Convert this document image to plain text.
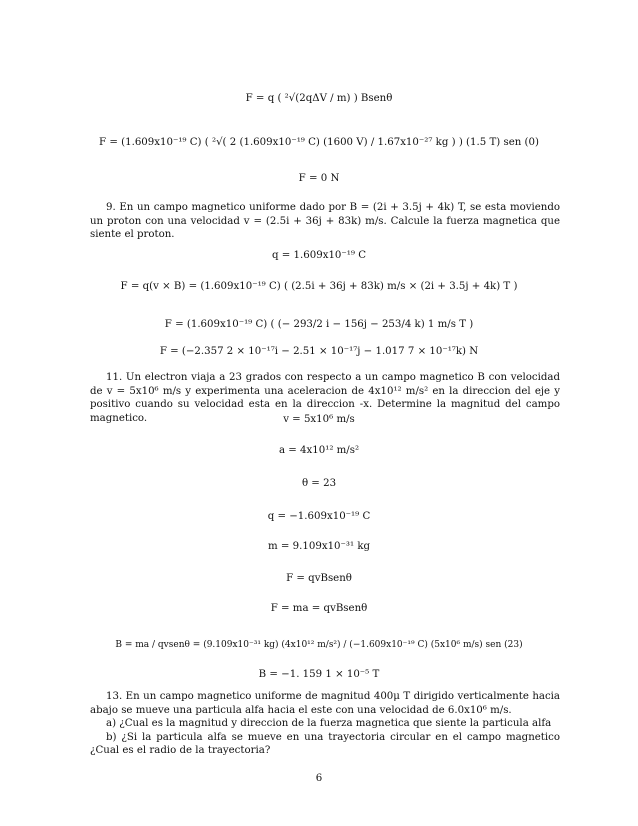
F = q ( ²√(2qΔV / m) ) Bsenθ
F = (1.609x10⁻¹⁹ C) ( ²√( 2 (1.609x10⁻¹⁹ C) (1600 V) / 1.67x10⁻²⁷ kg ) ) (1.5 T) sen (0)
F = 0 N

9. En un campo magnetico uniforme dado por B = (2i + 3.5j + 4k) T, se esta moviendo un proton con una velocidad v = (2.5i + 36j + 83k) m/s. Calcule la fuerza magnetica que siente el proton.

q = 1.609x10⁻¹⁹ C
F = q(v × B) = (1.609x10⁻¹⁹ C) ( (2.5i + 36j + 83k) m/s × (2i + 3.5j + 4k) T )
F = (1.609x10⁻¹⁹ C) ( (− 293/2 i − 156j − 253/4 k) 1 m/s T )
F = (−2.357 2 × 10⁻¹⁷i − 2.51 × 10⁻¹⁷j − 1.017 7 × 10⁻¹⁷k) N

11. Un electron viaja a 23 grados con respecto a un campo magnetico B con velocidad de v = 5x10⁶ m/s y experimenta una aceleracion de 4x10¹² m/s² en la direccion del eje y positivo cuando su velocidad esta en la direccion -x. Determine la magnitud del campo magnetico.	v = 5x10⁶ m/s
a = 4x10¹² m/s²
θ = 23
q = −1.609x10⁻¹⁹ C
m = 9.109x10⁻³¹ kg
F = qvBsenθ
F = ma = qvBsenθ
B = ma / qvsenθ = (9.109x10⁻³¹ kg) (4x10¹² m/s²) / (−1.609x10⁻¹⁹ C) (5x10⁶ m/s) sen (23)
B = −1. 159 1 × 10⁻⁵ T

13. En un campo magnetico uniforme de magnitud 400μ T dirigido verticalmente hacia abajo se mueve una particula alfa hacia el este con una velocidad de 6.0x10⁶ m/s.

a) ¿Cual es la magnitud y direccion de la fuerza magnetica que siente la particula alfa

b) ¿Si la particula alfa se mueve en una trayectoria circular en el campo magnetico ¿Cual es el radio de la trayectoria?

6
